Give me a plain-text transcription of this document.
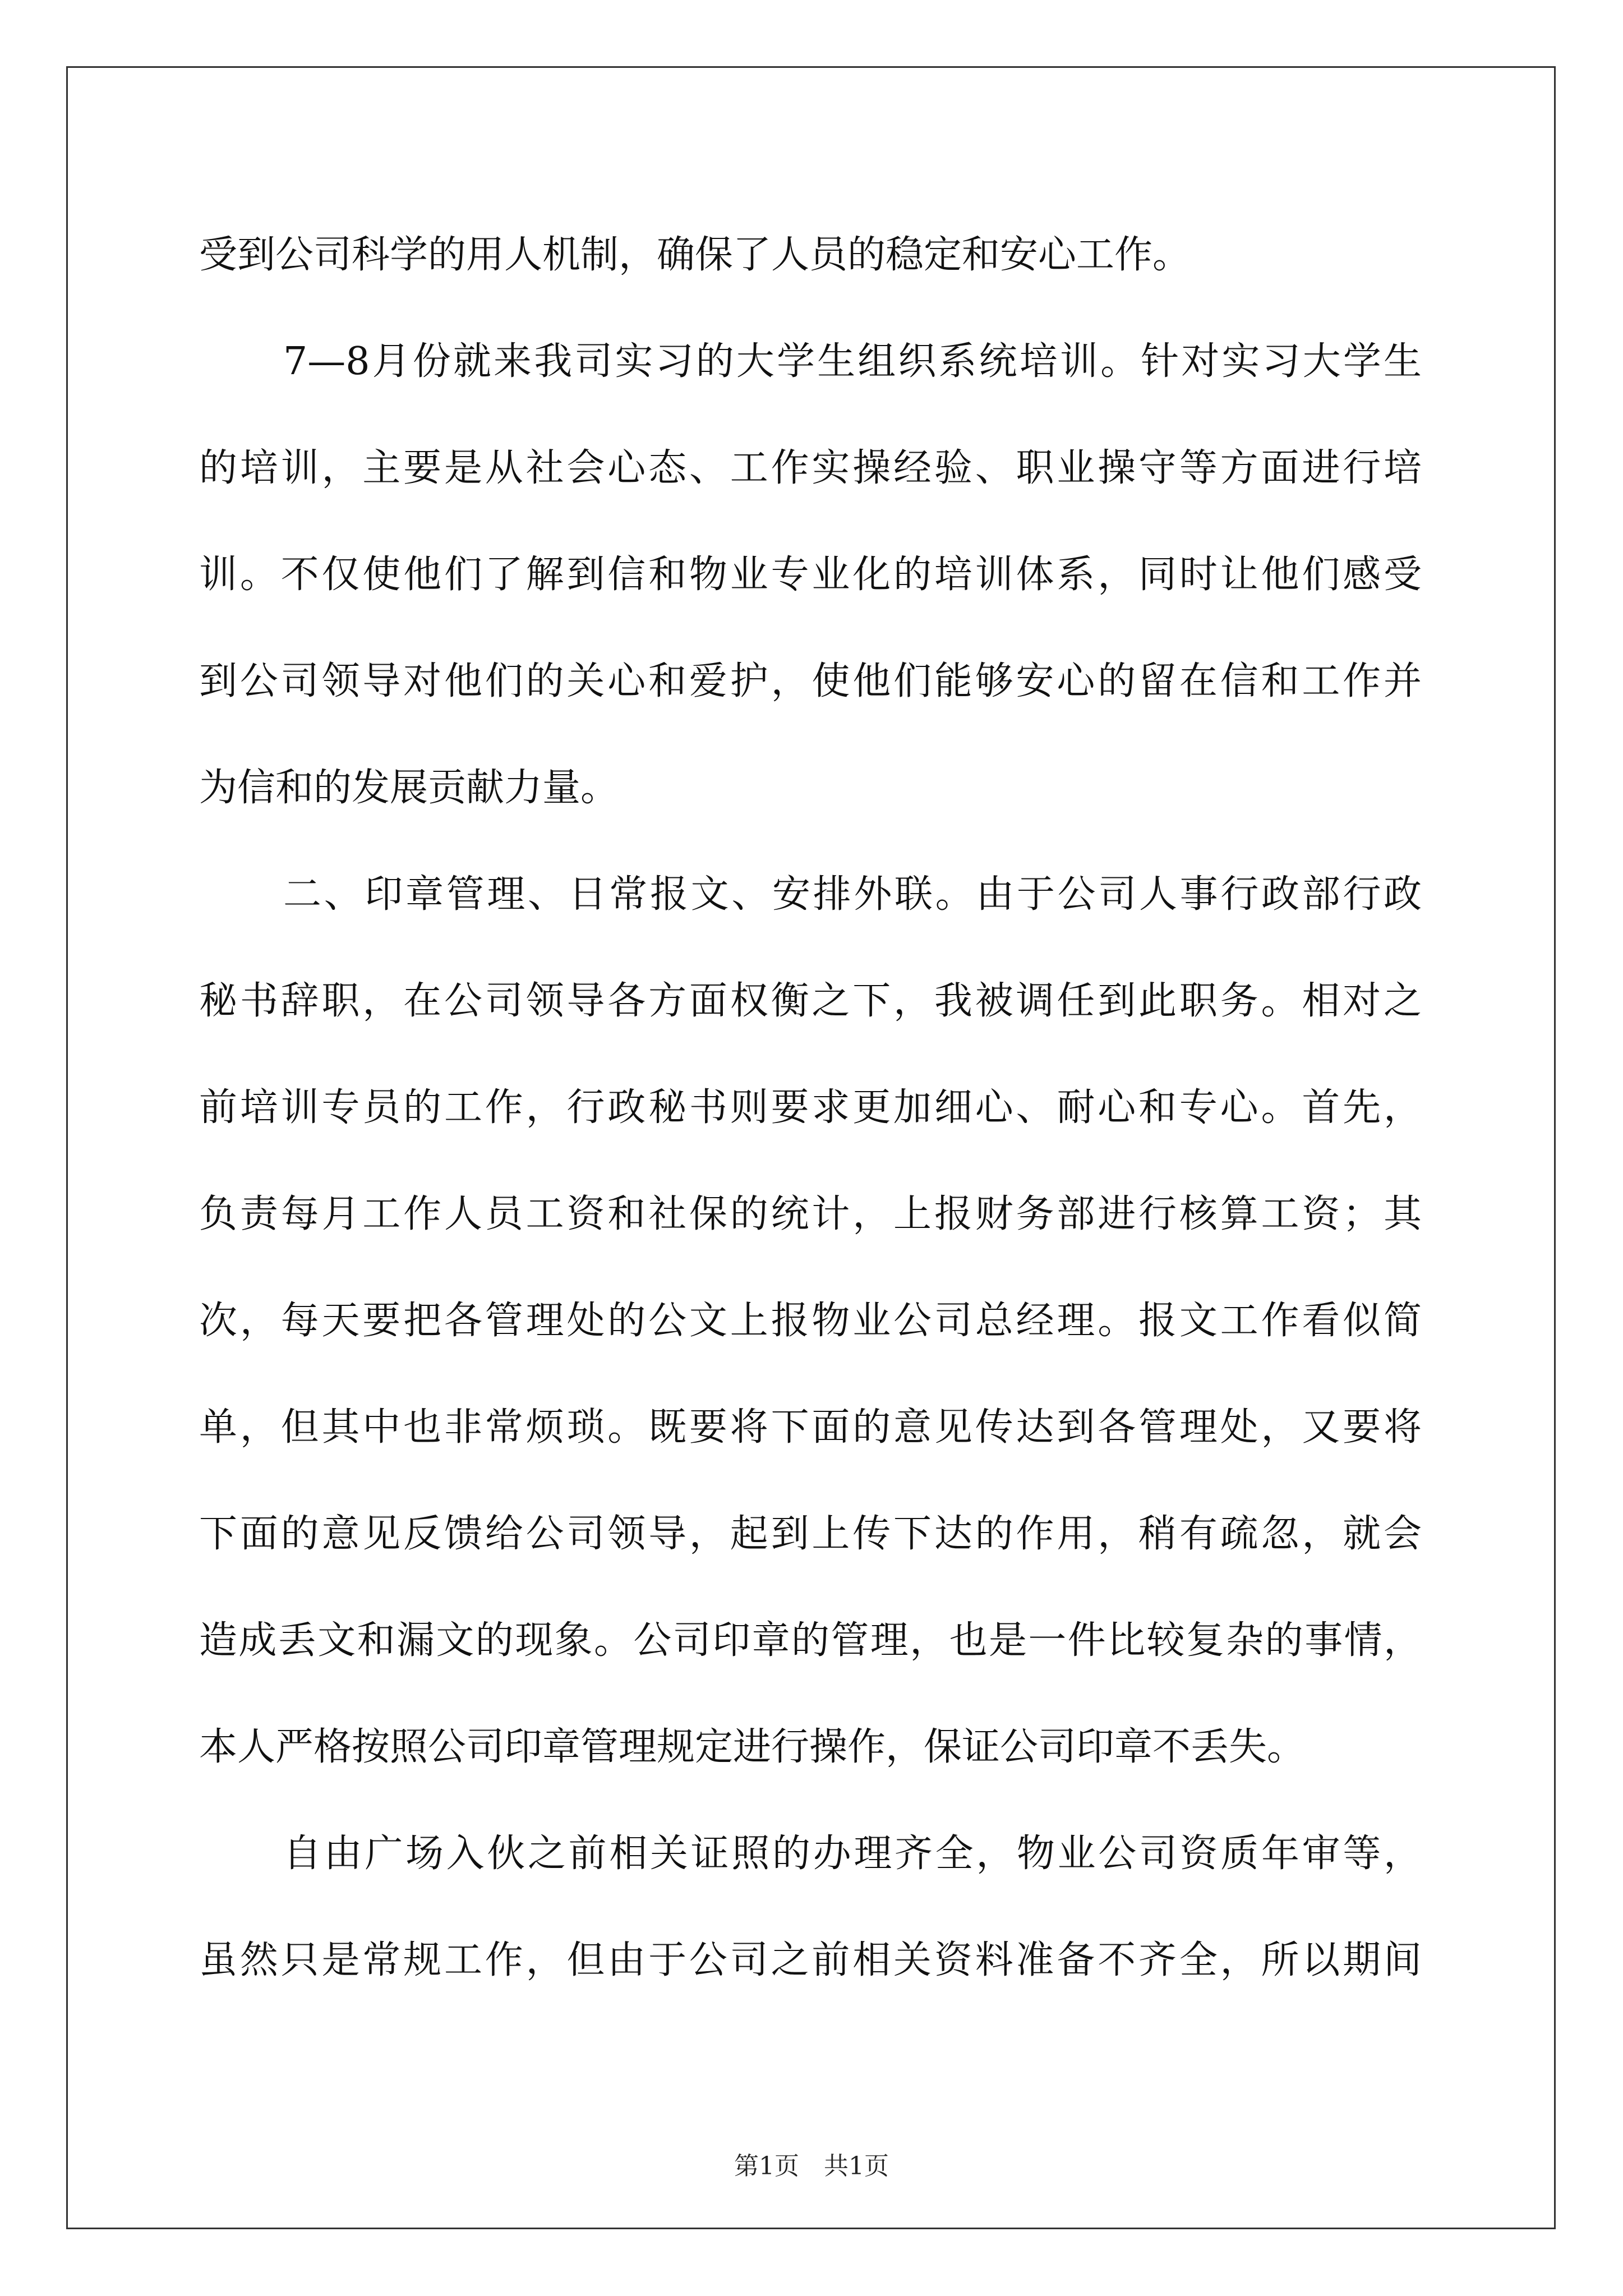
受到公司科学的用人机制，确保了人员的稳定和安心工作。
7—8月份就来我司实习的大学生组织系统培训。针对实习大学生
的培训，主要是从社会心态、工作实操经验、职业操守等方面进行培
训。不仅使他们了解到信和物业专业化的培训体系，同时让他们感受
到公司领导对他们的关心和爱护，使他们能够安心的留在信和工作并
为信和的发展贡献力量。
二、印章管理、日常报文、安排外联。由于公司人事行政部行政
秘书辞职，在公司领导各方面权衡之下，我被调任到此职务。相对之
前培训专员的工作，行政秘书则要求更加细心、耐心和专心。首先，
负责每月工作人员工资和社保的统计，上报财务部进行核算工资；其
次，每天要把各管理处的公文上报物业公司总经理。报文工作看似简
单，但其中也非常烦琐。既要将下面的意见传达到各管理处，又要将
下面的意见反馈给公司领导，起到上传下达的作用，稍有疏忽，就会
造成丢文和漏文的现象。公司印章的管理，也是一件比较复杂的事情，
本人严格按照公司印章管理规定进行操作，保证公司印章不丢失。
自由广场入伙之前相关证照的办理齐全，物业公司资质年审等，
虽然只是常规工作，但由于公司之前相关资料准备不齐全，所以期间
第1页　共1页
